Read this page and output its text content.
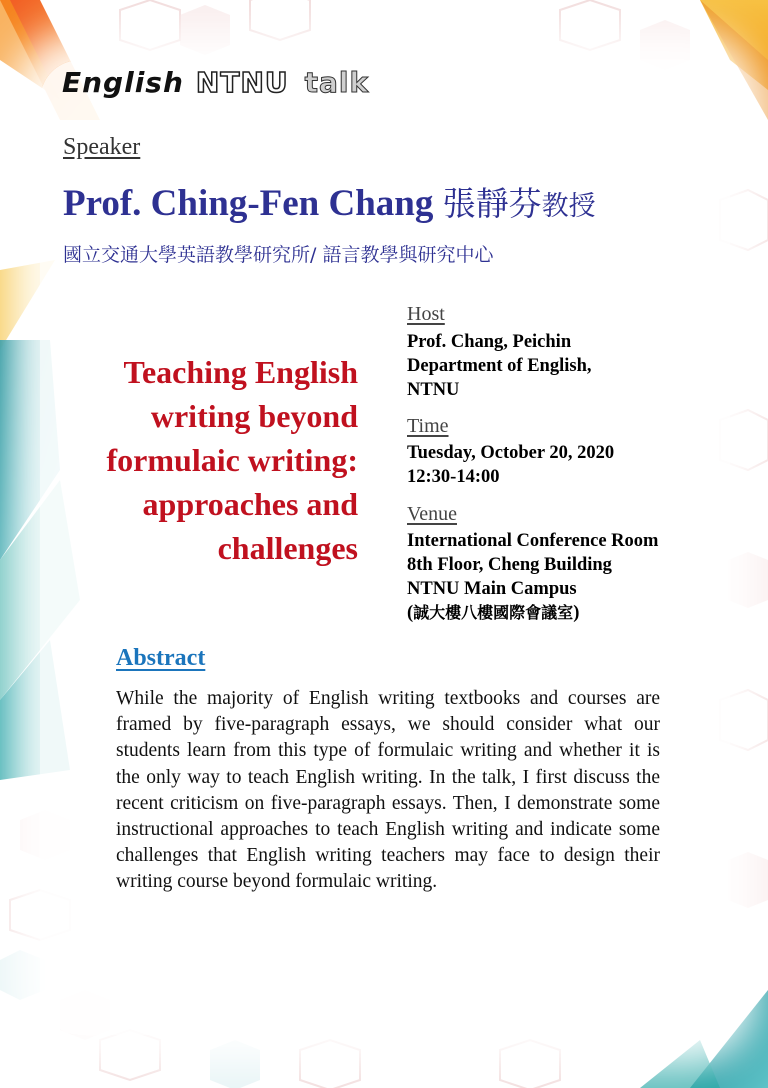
English NTNU talk
Speaker
Prof. Ching-Fen Chang 張靜芬教授
國立交通大學英語教學研究所/ 語言教學與研究中心
Teaching English
writing beyond
formulaic writing:
approaches and
challenges
Host
Prof. Chang, Peichin
Department of English,
NTNU
Time
Tuesday, October 20, 2020
12:30-14:00
Venue
International Conference Room
8th Floor, Cheng Building
NTNU Main Campus
(誠大樓八樓國際會議室)
Abstract
While the majority of English writing textbooks and courses are framed by five-paragraph essays, we should consider what our students learn from this type of formulaic writing and whether it is the only way to teach English writing. In the talk, I first discuss the recent criticism on five-paragraph essays. Then, I demonstrate some instructional approaches to teach English writing and indicate some challenges that English writing teachers may face to design their writing course beyond formulaic writing.
